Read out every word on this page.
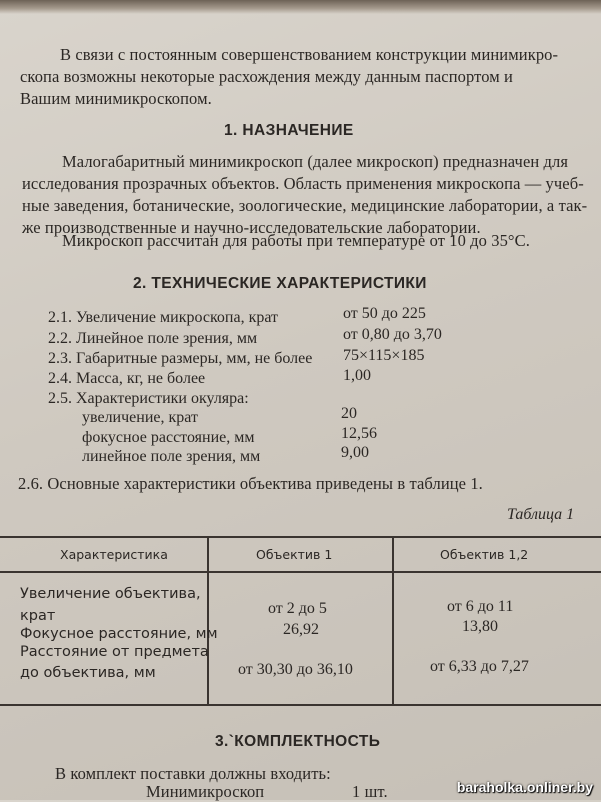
В связи с постоянным совершенствованием конструкции минимикро-
скопа возможны некоторые расхождения между данным паспортом и
Вашим минимикроскопом.
1. НАЗНАЧЕНИЕ
Малогабаритный минимикроскоп (далее микроскоп) предназначен для
исследования прозрачных объектов. Область применения микроскопа — учеб-
ные заведения, ботанические, зоологические, медицинские лаборатории, а так-
же производственные и научно-исследовательские лаборатории.
Микроскоп рассчитан для работы при температуре от 10 до 35°C.
2. ТЕХНИЧЕСКИЕ ХАРАКТЕРИСТИКИ
2.1. Увеличение микроскопа, крат	от 50 до 225
2.2. Линейное поле зрения, мм	от 0,80 до 3,70
2.3. Габаритные размеры, мм, не более 75×115×185
2.4. Масса, кг, не более	1,00
2.5. Характеристики окуляра:
увеличение, крат	20
фокусное расстояние, мм	12,56
линейное поле зрения, мм	9,00
2.6. Основные характеристики объектива приведены в таблице 1.
Таблица 1
Характеристика	Объектив 1	Объектив 1,2
Увеличение объектива,
крат	от 2 до 5	от 6 до 11
Фокусное расстояние, мм	26,92	13,80
Расстояние от предмета
до объектива, мм	от 30,30 до 36,10	от 6,33 до 7,27
3.`КОМПЛЕКТНОСТЬ
В комплект поставки должны входить:
Минимикроскоп	1 шт.	baraholka.onliner.by
